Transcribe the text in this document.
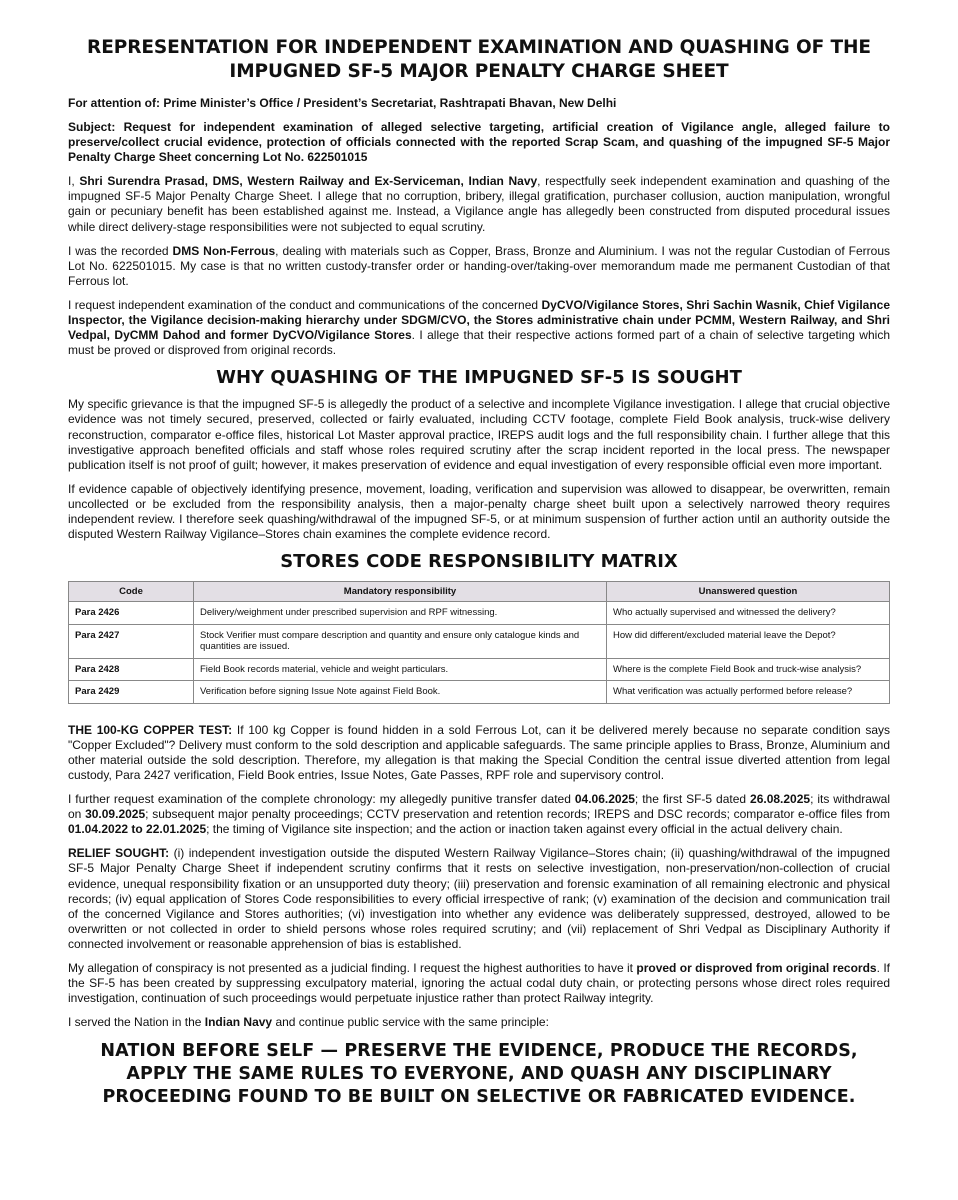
REPRESENTATION FOR INDEPENDENT EXAMINATION AND QUASHING OF THE IMPUGNED SF-5 MAJOR PENALTY CHARGE SHEET
For attention of: Prime Minister’s Office / President’s Secretariat, Rashtrapati Bhavan, New Delhi

Subject: Request for independent examination of alleged selective targeting, artificial creation of Vigilance angle, alleged failure to preserve/collect crucial evidence, protection of officials connected with the reported Scrap Scam, and quashing of the impugned SF-5 Major Penalty Charge Sheet concerning Lot No. 622501015

I, Shri Surendra Prasad, DMS, Western Railway and Ex-Serviceman, Indian Navy, respectfully seek independent examination and quashing of the impugned SF-5 Major Penalty Charge Sheet. I allege that no corruption, bribery, illegal gratification, purchaser collusion, auction manipulation, wrongful gain or pecuniary benefit has been established against me. Instead, a Vigilance angle has allegedly been constructed from disputed procedural issues while direct delivery-stage responsibilities were not subjected to equal scrutiny.

I was the recorded DMS Non-Ferrous, dealing with materials such as Copper, Brass, Bronze and Aluminium. I was not the regular Custodian of Ferrous Lot No. 622501015. My case is that no written custody-transfer order or handing-over/taking-over memorandum made me permanent Custodian of that Ferrous lot.

I request independent examination of the conduct and communications of the concerned DyCVO/Vigilance Stores, Shri Sachin Wasnik, Chief Vigilance Inspector, the Vigilance decision-making hierarchy under SDGM/CVO, the Stores administrative chain under PCMM, Western Railway, and Shri Vedpal, DyCMM Dahod and former DyCVO/Vigilance Stores. I allege that their respective actions formed part of a chain of selective targeting which must be proved or disproved from original records.

WHY QUASHING OF THE IMPUGNED SF-5 IS SOUGHT

My specific grievance is that the impugned SF-5 is allegedly the product of a selective and incomplete Vigilance investigation. I allege that crucial objective evidence was not timely secured, preserved, collected or fairly evaluated, including CCTV footage, complete Field Book analysis, truck-wise delivery reconstruction, comparator e-office files, historical Lot Master approval practice, IREPS audit logs and the full responsibility chain. I further allege that this investigative approach benefited officials and staff whose roles required scrutiny after the scrap incident reported in the local press. The newspaper publication itself is not proof of guilt; however, it makes preservation of evidence and equal investigation of every responsible official even more important.

If evidence capable of objectively identifying presence, movement, loading, verification and supervision was allowed to disappear, be overwritten, remain uncollected or be excluded from the responsibility analysis, then a major-penalty charge sheet built upon a selectively narrowed theory requires independent review. I therefore seek quashing/withdrawal of the impugned SF-5, or at minimum suspension of further action until an authority outside the disputed Western Railway Vigilance–Stores chain examines the complete evidence record.

STORES CODE RESPONSIBILITY MATRIX
Code	Mandatory responsibility	Unanswered question
Para 2426	Delivery/weighment under prescribed supervision and RPF witnessing.	Who actually supervised and witnessed the delivery?
Para 2427	Stock Verifier must compare description and quantity and ensure only catalogue kinds and quantities are issued.	How did different/excluded material leave the Depot?
Para 2428	Field Book records material, vehicle and weight particulars.	Where is the complete Field Book and truck-wise analysis?
Para 2429	Verification before signing Issue Note against Field Book.	What verification was actually performed before release?

THE 100-KG COPPER TEST: If 100 kg Copper is found hidden in a sold Ferrous Lot, can it be delivered merely because no separate condition says "Copper Excluded"? Delivery must conform to the sold description and applicable safeguards. The same principle applies to Brass, Bronze, Aluminium and other material outside the sold description. Therefore, my allegation is that making the Special Condition the central issue diverted attention from legal custody, Para 2427 verification, Field Book entries, Issue Notes, Gate Passes, RPF role and supervisory control.

I further request examination of the complete chronology: my allegedly punitive transfer dated 04.06.2025; the first SF-5 dated 26.08.2025; its withdrawal on 30.09.2025; subsequent major penalty proceedings; CCTV preservation and retention records; IREPS and DSC records; comparator e-office files from 01.04.2022 to 22.01.2025; the timing of Vigilance site inspection; and the action or inaction taken against every official in the actual delivery chain.

RELIEF SOUGHT: (i) independent investigation outside the disputed Western Railway Vigilance–Stores chain; (ii) quashing/withdrawal of the impugned SF-5 Major Penalty Charge Sheet if independent scrutiny confirms that it rests on selective investigation, non-preservation/non-collection of crucial evidence, unequal responsibility fixation or an unsupported duty theory; (iii) preservation and forensic examination of all remaining electronic and physical records; (iv) equal application of Stores Code responsibilities to every official irrespective of rank; (v) examination of the decision and communication trail of the concerned Vigilance and Stores authorities; (vi) investigation into whether any evidence was deliberately suppressed, destroyed, allowed to be overwritten or not collected in order to shield persons whose roles required scrutiny; and (vii) replacement of Shri Vedpal as Disciplinary Authority if connected involvement or reasonable apprehension of bias is established.

My allegation of conspiracy is not presented as a judicial finding. I request the highest authorities to have it proved or disproved from original records. If the SF-5 has been created by suppressing exculpatory material, ignoring the actual codal duty chain, or protecting persons whose direct roles required investigation, continuation of such proceedings would perpetuate injustice rather than protect Railway integrity.

I served the Nation in the Indian Navy and continue public service with the same principle:

NATION BEFORE SELF — PRESERVE THE EVIDENCE, PRODUCE THE RECORDS, APPLY THE SAME RULES TO EVERYONE, AND QUASH ANY DISCIPLINARY PROCEEDING FOUND TO BE BUILT ON SELECTIVE OR FABRICATED EVIDENCE.
